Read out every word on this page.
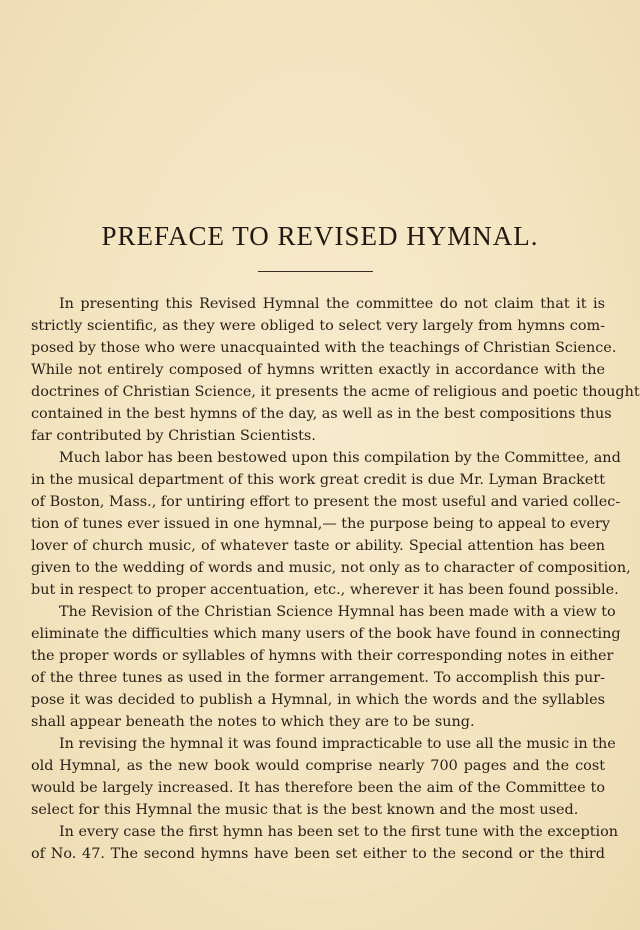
PREFACE TO REVISED HYMNAL.
In presenting this Revised Hymnal the committee do not claim that it is
strictly scientific, as they were obliged to select very largely from hymns com-
posed by those who were unacquainted with the teachings of Christian Science.
While not entirely composed of hymns written exactly in accordance with the
doctrines of Christian Science, it presents the acme of religious and poetic thought
contained in the best hymns of the day, as well as in the best compositions thus
far contributed by Christian Scientists.
Much labor has been bestowed upon this compilation by the Committee, and
in the musical department of this work great credit is due Mr. Lyman Brackett
of Boston, Mass., for untiring effort to present the most useful and varied collec-
tion of tunes ever issued in one hymnal,— the purpose being to appeal to every
lover of church music, of whatever taste or ability. Special attention has been
given to the wedding of words and music, not only as to character of composition,
but in respect to proper accentuation, etc., wherever it has been found possible.
The Revision of the Christian Science Hymnal has been made with a view to
eliminate the difficulties which many users of the book have found in connecting
the proper words or syllables of hymns with their corresponding notes in either
of the three tunes as used in the former arrangement. To accomplish this pur-
pose it was decided to publish a Hymnal, in which the words and the syllables
shall appear beneath the notes to which they are to be sung.
In revising the hymnal it was found impracticable to use all the music in the
old Hymnal, as the new book would comprise nearly 700 pages and the cost
would be largely increased. It has therefore been the aim of the Committee to
select for this Hymnal the music that is the best known and the most used.
In every case the first hymn has been set to the first tune with the exception
of No. 47. The second hymns have been set either to the second or the third
